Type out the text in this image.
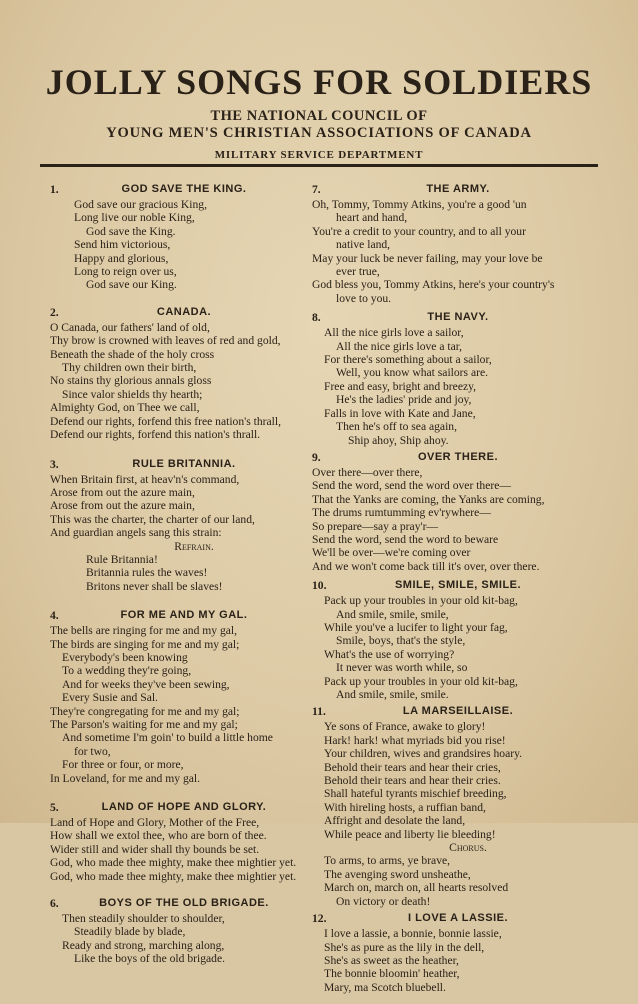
JOLLY SONGS FOR SOLDIERS
THE NATIONAL COUNCIL OF
YOUNG MEN'S CHRISTIAN ASSOCIATIONS OF CANADA
MILITARY SERVICE DEPARTMENT
1.	GOD SAVE THE KING.
God save our gracious King,
Long live our noble King,
God save the King.
Send him victorious,
Happy and glorious,
Long to reign over us,
God save our King.
2.	CANADA.
O Canada, our fathers' land of old,
Thy brow is crowned with leaves of red and gold,
Beneath the shade of the holy cross
Thy children own their birth,
No stains thy glorious annals gloss
Since valor shields thy hearth;
Almighty God, on Thee we call,
Defend our rights, forfend this free nation's thrall,
Defend our rights, forfend this nation's thrall.
3.	RULE BRITANNIA.
When Britain first, at heav'n's command,
Arose from out the azure main,
Arose from out the azure main,
This was the charter, the charter of our land,
And guardian angels sang this strain:
Refrain.
Rule Britannia!
Britannia rules the waves!
Britons never shall be slaves!
4.	FOR ME AND MY GAL.
The bells are ringing for me and my gal,
The birds are singing for me and my gal;
Everybody's been knowing
To a wedding they're going,
And for weeks they've been sewing,
Every Susie and Sal.
They're congregating for me and my gal;
The Parson's waiting for me and my gal;
And sometime I'm goin' to build a little home
for two,
For three or four, or more,
In Loveland, for me and my gal.
5.	LAND OF HOPE AND GLORY.
Land of Hope and Glory, Mother of the Free,
How shall we extol thee, who are born of thee.
Wider still and wider shall thy bounds be set.
God, who made thee mighty, make thee mightier yet.
God, who made thee mighty, make thee mightier yet.
6.	BOYS OF THE OLD BRIGADE.
Then steadily shoulder to shoulder,
Steadily blade by blade,
Ready and strong, marching along,
Like the boys of the old brigade.
7.	THE ARMY.
Oh, Tommy, Tommy Atkins, you're a good 'un
heart and hand,
You're a credit to your country, and to all your
native land,
May your luck be never failing, may your love be
ever true,
God bless you, Tommy Atkins, here's your country's
love to you.
8.	THE NAVY.
All the nice girls love a sailor,
All the nice girls love a tar,
For there's something about a sailor,
Well, you know what sailors are.
Free and easy, bright and breezy,
He's the ladies' pride and joy,
Falls in love with Kate and Jane,
Then he's off to sea again,
Ship ahoy, Ship ahoy.
9.	OVER THERE.
Over there—over there,
Send the word, send the word over there—
That the Yanks are coming, the Yanks are coming,
The drums rumtumming ev'rywhere—
So prepare—say a pray'r—
Send the word, send the word to beware
We'll be over—we're coming over
And we won't come back till it's over, over there.
10.	SMILE, SMILE, SMILE.
Pack up your troubles in your old kit-bag,
And smile, smile, smile,
While you've a lucifer to light your fag,
Smile, boys, that's the style,
What's the use of worrying?
It never was worth while, so
Pack up your troubles in your old kit-bag,
And smile, smile, smile.
11.	LA MARSEILLAISE.
Ye sons of France, awake to glory!
Hark! hark! what myriads bid you rise!
Your children, wives and grandsires hoary.
Behold their tears and hear their cries,
Behold their tears and hear their cries.
Shall hateful tyrants mischief breeding,
With hireling hosts, a ruffian band,
Affright and desolate the land,
While peace and liberty lie bleeding!
Chorus.
To arms, to arms, ye brave,
The avenging sword unsheathe,
March on, march on, all hearts resolved
On victory or death!
12.	I LOVE A LASSIE.
I love a lassie, a bonnie, bonnie lassie,
She's as pure as the lily in the dell,
She's as sweet as the heather,
The bonnie bloomin' heather,
Mary, ma Scotch bluebell.
